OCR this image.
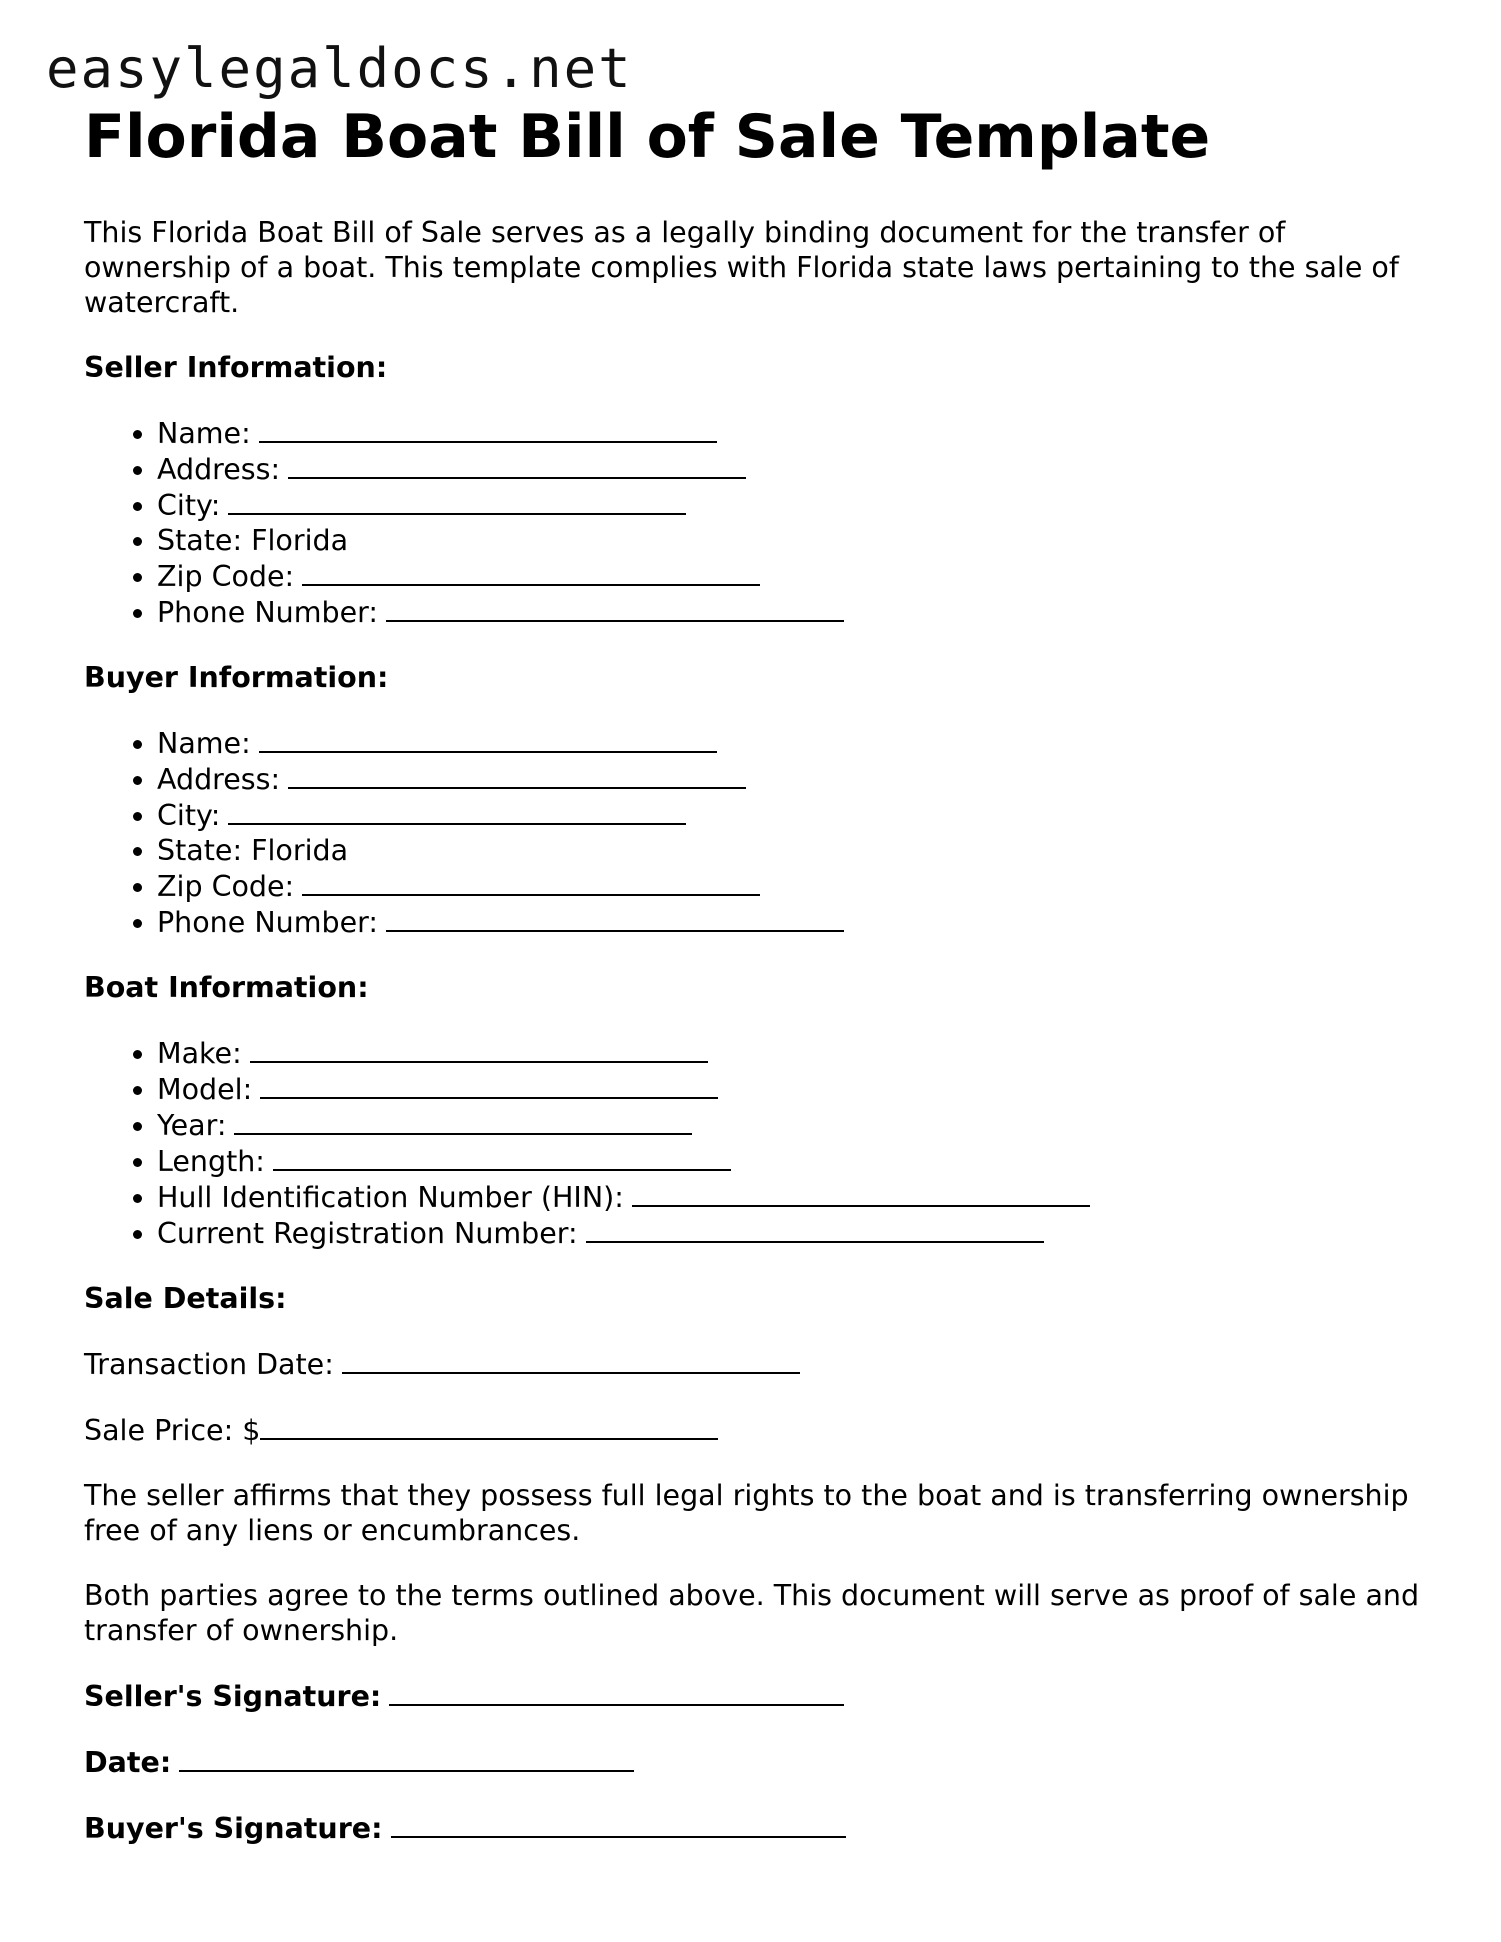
easylegaldocs.net
Florida Boat Bill of Sale Template

This Florida Boat Bill of Sale serves as a legally binding document for the transfer of ownership of a boat. This template complies with Florida state laws pertaining to the sale of watercraft.

Seller Information:
• Name:
• Address:
• City:
• State: Florida
• Zip Code:
• Phone Number:
Buyer Information:
• Name:
• Address:
• City:
• State: Florida
• Zip Code:
• Phone Number:
Boat Information:
• Make:
• Model:
• Year:
• Length:
• Hull Identification Number (HIN):
• Current Registration Number:
Sale Details:

Transaction Date:

Sale Price: $

The seller affirms that they possess full legal rights to the boat and is transferring ownership free of any liens or encumbrances.

Both parties agree to the terms outlined above. This document will serve as proof of sale and transfer of ownership.

Seller's Signature:
Date:
Buyer's Signature:
